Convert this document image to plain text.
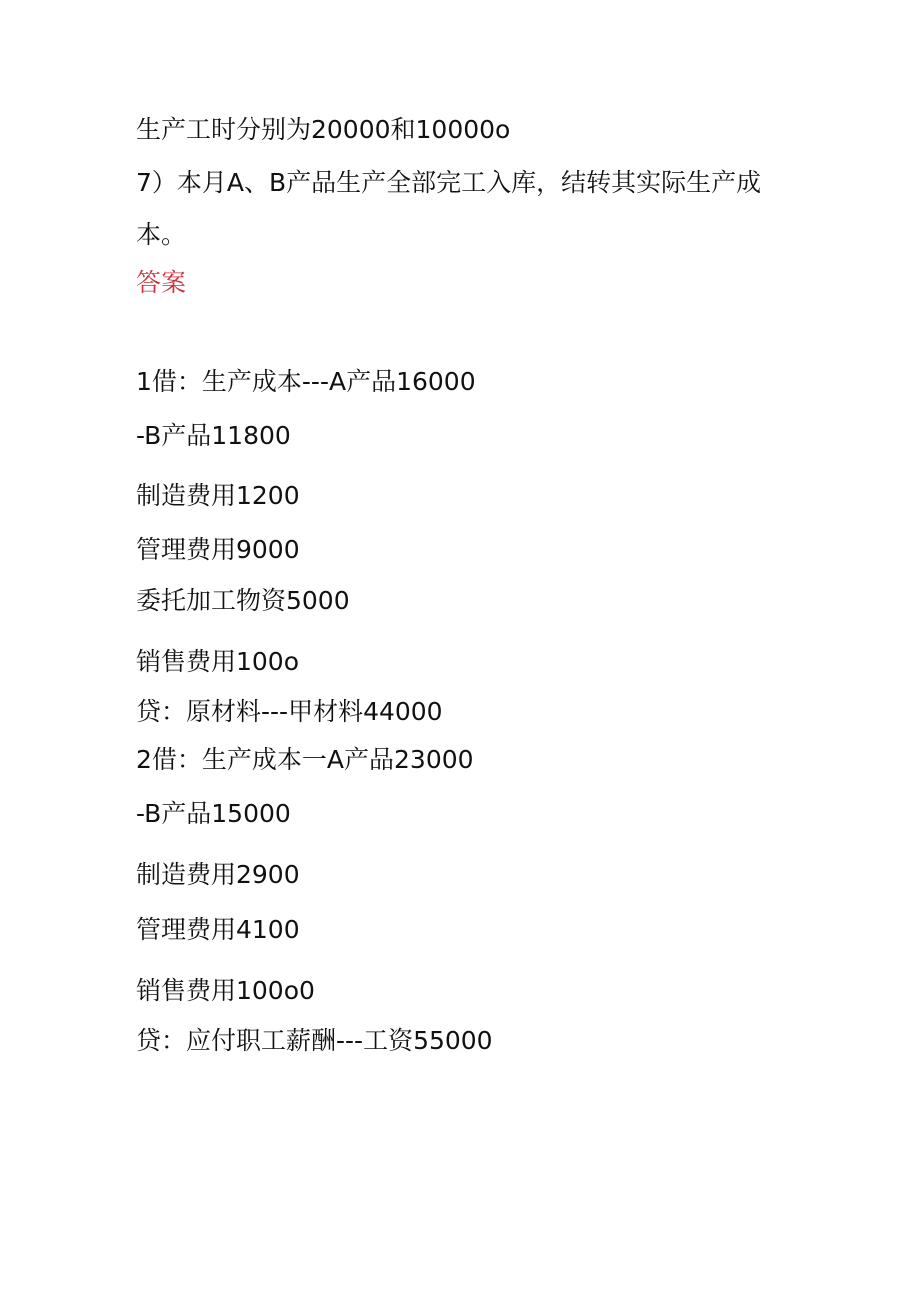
生产工时分别为20000和10000o
7）本月A、B产品生产全部完工入库，结转其实际生产成
本。
答案
1借：生产成本---A产品16000
-B产品11800
制造费用1200
管理费用9000
委托加工物资5000
销售费用100o
贷：原材料---甲材料44000
2借：生产成本一A产品23000
-B产品15000
制造费用2900
管理费用4100
销售费用100o0
贷：应付职工薪酬---工资55000
